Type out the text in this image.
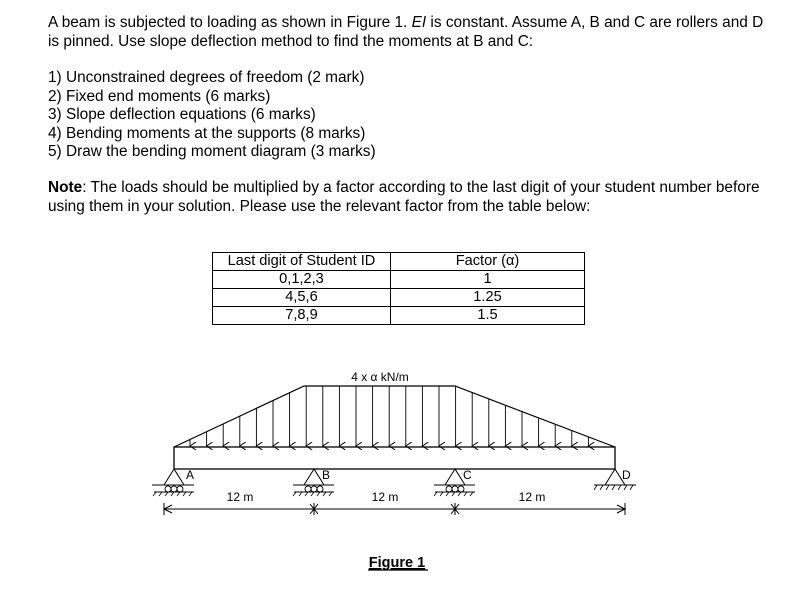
A beam is subjected to loading as shown in Figure 1. EI is constant. Assume A, B and C are rollers and D is pinned. Use slope deflection method to find the moments at B and C:

1) Unconstrained degrees of freedom (2 mark)
2) Fixed end moments (6 marks)
3) Slope deflection equations (6 marks)
4) Bending moments at the supports (8 marks)
5) Draw the bending moment diagram (3 marks)

Note: The loads should be multiplied by a factor according to the last digit of your student number before using them in your solution. Please use the relevant factor from the table below:

Last digit of Student ID	Factor (α)
0,1,2,3	1
4,5,6	1.25
7,8,9	1.5
4 x α kN/m
A	B	C	D
12 m	12 m	12 m
Figure 1
